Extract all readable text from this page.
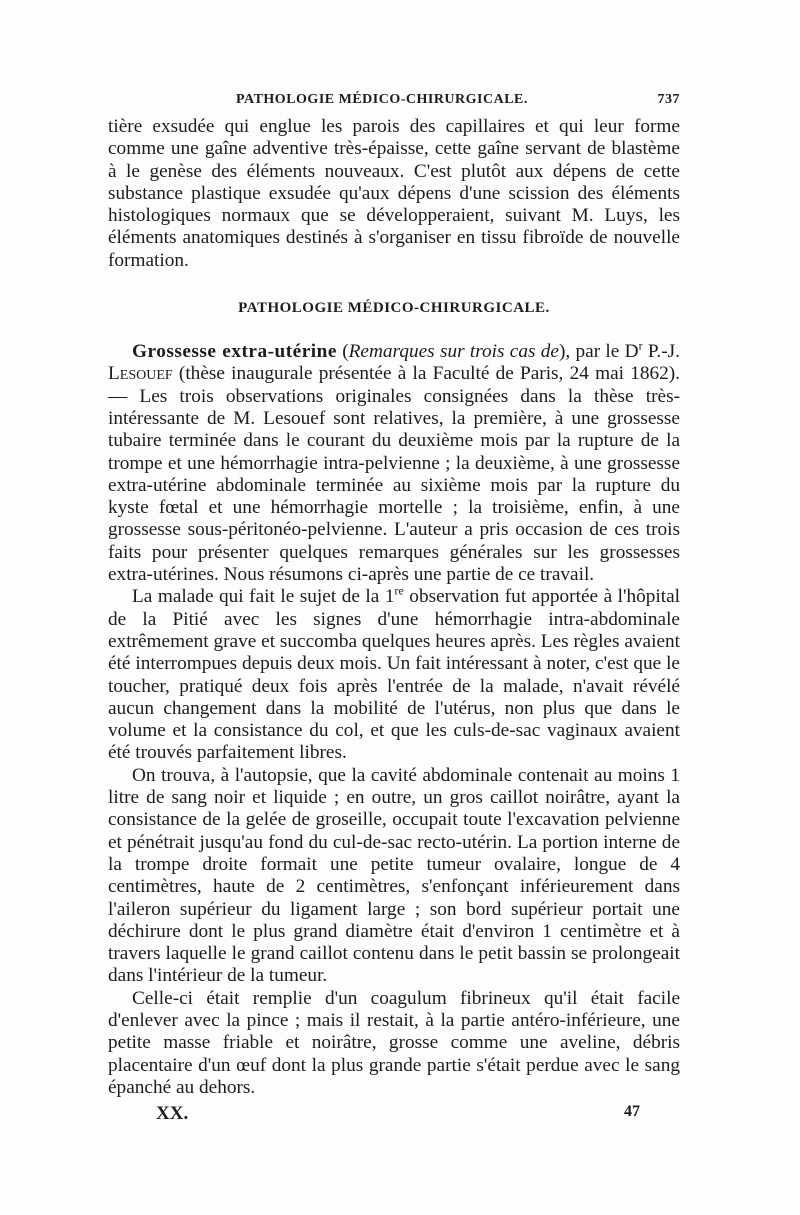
PATHOLOGIE MÉDICO-CHIRURGICALE.	737

tière exsudée qui englue les parois des capillaires et qui leur forme comme une gaîne adventive très-épaisse, cette gaîne servant de blastème à le genèse des éléments nouveaux. C'est plutôt aux dépens de cette substance plastique exsudée qu'aux dépens d'une scission des éléments histologiques normaux que se développeraient, suivant M. Luys, les éléments anatomiques destinés à s'organiser en tissu fibroïde de nouvelle formation.

PATHOLOGIE MÉDICO-CHIRURGICALE.

Grossesse extra-utérine (Remarques sur trois cas de), par le $D^r$ P.-J. Lesouef (thèse inaugurale présentée à la Faculté de Paris, 24 mai 1862). — Les trois observations originales consignées dans la thèse très-intéressante de M. Lesouef sont relatives, la première, à une grossesse tubaire terminée dans le courant du deuxième mois par la rupture de la trompe et une hémorrhagie intra-pelvienne ; la deuxième, à une grossesse extra-utérine abdominale terminée au sixième mois par la rupture du kyste fœtal et une hémorrhagie mortelle ; la troisième, enfin, à une grossesse sous-péritonéo-pelvienne. L'auteur a pris occasion de ces trois faits pour présenter quelques remarques générales sur les grossesses extra-utérines. Nous résumons ci-après une partie de ce travail.

La malade qui fait le sujet de la 1re observation fut apportée à l'hôpital de la Pitié avec les signes d'une hémorrhagie intra-abdominale extrêmement grave et succomba quelques heures après. Les règles avaient été interrompues depuis deux mois. Un fait intéressant à noter, c'est que le toucher, pratiqué deux fois après l'entrée de la malade, n'avait révélé aucun changement dans la mobilité de l'utérus, non plus que dans le volume et la consistance du col, et que les culs-de-sac vaginaux avaient été trouvés parfaitement libres.

On trouva, à l'autopsie, que la cavité abdominale contenait au moins 1 litre de sang noir et liquide ; en outre, un gros caillot noirâtre, ayant la consistance de la gelée de groseille, occupait toute l'excavation pelvienne et pénétrait jusqu'au fond du cul-de-sac recto-utérin. La portion interne de la trompe droite formait une petite tumeur ovalaire, longue de 4 centimètres, haute de 2 centimètres, s'enfonçant inférieurement dans l'aileron supérieur du ligament large ; son bord supérieur portait une déchirure dont le plus grand diamètre était d'environ 1 centimètre et à travers laquelle le grand caillot contenu dans le petit bassin se prolongeait dans l'intérieur de la tumeur.

Celle-ci était remplie d'un coagulum fibrineux qu'il était facile d'enlever avec la pince ; mais il restait, à la partie antéro-inférieure, une petite masse friable et noirâtre, grosse comme une aveline, débris placentaire d'un œuf dont la plus grande partie s'était perdue avec le sang épanché au dehors.

XX.	47
